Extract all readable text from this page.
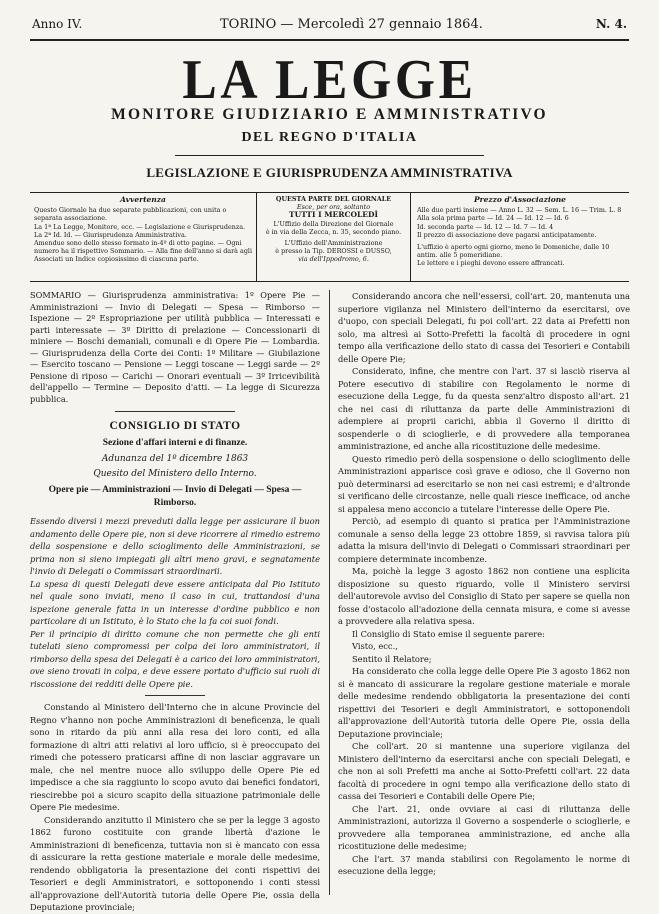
Anno IV.	TORINO — Mercoledì 27 gennaio 1864.	N. 4.
LA LEGGE
MONITORE GIUDIZIARIO E AMMINISTRATIVO
DEL REGNO D'ITALIA
LEGISLAZIONE E GIURISPRUDENZA AMMINISTRATIVA
Avvertenza
Questo Giornale ha due separate pubblicazioni, con unita o separata associazione.
La 1ª La Legge, Monitore, ecc. — Legislazione e Giurisprudenza.
La 2ª Id. Id. — Giurisprudenza Amministrativa.
Amendue sono dello stesso formato in-4º di otto pagine. — Ogni numero ha il rispettivo Sommario. — Alla fine dell'anno si darà agli Associati un Indice copiosissimo di ciascuna parte.
QUESTA PARTE DEL GIORNALE
Esce, per ora, soltanto
TUTTI I MERCOLEDÌ
L'Uffizio della Direzione del Giornale
è in via della Zecca, n. 35, secondo piano.
L'Uffizio dell'Amministrazione
è presso la Tip. DEROSSI e DUSSO,
via dell'Ippodromo, 6.
Prezzo d'Associazione
Alle due parti insieme — Anno L. 32 — Sem. L. 16 — Trim. L. 8
Alla sola prima parte — Id. 24 — Id. 12 — Id. 6
Id. seconda parte — Id. 12 — Id. 7 — Id. 4
Il prezzo di associazione deve pagarsi anticipatamente.
L'uffizio è aperto ogni giorno, meno le Domeniche, dalle 10 antim. alle 5 pomeridiane.
Le lettere e i pieghi devono essere affrancati.

SOMMARIO — Giurisprudenza amministrativa: 1º Opere Pie — Amministrazioni — Invio di Delegati — Spesa — Rimborso — Ispezione — 2º Espropriazione per utilità pubblica — Interessati e parti interessate — 3º Diritto di prelazione — Concessionarii di miniere — Boschi demaniali, comunali e di Opere Pie — Lombardia. — Giurisprudenza della Corte dei Conti: 1º Militare — Giubilazione — Esercito toscano — Pensione — Leggi toscane — Leggi sarde — 2º Pensione di riposo — Carichi — Onorari eventuali — 3º Irricevibilità dell'appello — Termine — Deposito d'atti. — La legge di Sicurezza pubblica.

CONSIGLIO DI STATO
Sezione d'affari interni e di finanze.
Adunanza del 1º dicembre 1863
Quesito del Ministero dello Interno.
Opere pie — Amministrazioni — Invio di Delegati — Spesa — Rimborso.

Essendo diversi i mezzi preveduti dalla legge per assicurare il buon andamento delle Opere pie, non si deve ricorrere al rimedio estremo della sospensione e dello scioglimento delle Amministrazioni, se prima non si sieno impiegati gli altri meno gravi, e segnatamente l'invio di Delegati o Commissari straordinarii.

La spesa di questi Delegati deve essere anticipata dal Pio Istituto nel quale sono inviati, meno il caso in cui, trattandosi d'una ispezione generale fatta in un interesse d'ordine pubblico e non particolare di un Istituto, è lo Stato che la fa coi suoi fondi.

Per il principio di diritto comune che non permette che gli enti tutelati sieno compromessi per colpa dei loro amministratori, il rimborso della spesa dei Delegati è a carico dei loro amministratori, ove sieno trovati in colpa, e deve essere portato d'ufficio sui ruoli di riscossione dei redditi delle Opere pie.

Constando al Ministero dell'Interno che in alcune Provincie del Regno v'hanno non poche Amministrazioni di beneficenza, le quali sono in ritardo da più anni alla resa dei loro conti, ed alla formazione di altri atti relativi al loro ufficio, si è preoccupato dei rimedi che potessero praticarsi affine di non lasciar aggravare un male, che nel mentre nuoce allo sviluppo delle Opere Pie ed impedisce a che sia raggiunto lo scopo avuto dai benefici fondatori, riescirebbe poi a sicuro scapito della situazione patrimoniale delle Opere Pie medesime.

Considerando anzitutto il Ministero che se per la legge 3 agosto 1862 furono costituite con grande libertà d'azione le Amministrazioni di beneficenza, tuttavia non si è mancato con essa di assicurare la retta gestione materiale e morale delle medesime, rendendo obbligatoria la presentazione dei conti rispettivi dei Tesorieri e degli Amministratori, e sottoponendo i conti stessi all'approvazione dell'Autorità tutoria delle Opere Pie, ossia della Deputazione provinciale;

Considerando ancora che nell'essersi, coll'art. 20, mantenuta una superiore vigilanza nel Ministero dell'interno da esercitarsi, ove d'uopo, con speciali Delegati, fu poi coll'art. 22 data ai Prefetti non solo, ma altresì ai Sotto-Prefetti la facoltà di procedere in ogni tempo alla verificazione dello stato di cassa dei Tesorieri e Contabili delle Opere Pie;

Considerato, infine, che mentre con l'art. 37 si lasciò riserva al Potere esecutivo di stabilire con Regolamento le norme di esecuzione della Legge, fu da questa senz'altro disposto all'art. 21 che nei casi di riluttanza da parte delle Amministrazioni di adempiere ai proprii carichi, abbia il Governo il diritto di sospenderle o di scioglierle, e di provvedere alla temporanea amministrazione, ed anche alla ricostituzione delle medesime.

Questo rimedio però della sospensione o dello scioglimento delle Amministrazioni apparisce così grave e odioso, che il Governo non può determinarsi ad esercitarlo se non nei casi estremi; e d'altronde si verificano delle circostanze, nelle quali riesce inefficace, od anche si appalesa meno acconcio a tutelare l'interesse delle Opere Pie.

Perciò, ad esempio di quanto si pratica per l'Amministrazione comunale a senso della legge 23 ottobre 1859, si ravvisa talora più adatta la misura dell'invio di Delegati o Commissari straordinari per compiere determinate incombenze.

Ma, poichè la legge 3 agosto 1862 non contiene una esplicita disposizione su questo riguardo, volle il Ministero servirsi dell'autorevole avviso del Consiglio di Stato per sapere se quella non fosse d'ostacolo all'adozione della cennata misura, e come si avesse a provvedere alla relativa spesa.

Il Consiglio di Stato emise il seguente parere:

Visto, ecc.,

Sentito il Relatore;

Ha considerato che colla legge delle Opere Pie 3 agosto 1862 non si è mancato di assicurare la regolare gestione materiale e morale delle medesime rendendo obbligatoria la presentazione dei conti rispettivi dei Tesorieri e degli Amministratori, e sottoponendoli all'approvazione dell'Autorità tutoria delle Opere Pie, ossia della Deputazione provinciale;

Che coll'art. 20 si mantenne una superiore vigilanza del Ministero dell'interno da esercitarsi anche con speciali Delegati, e che non ai soli Prefetti ma anche ai Sotto-Prefetti coll'art. 22 data facoltà di procedere in ogni tempo alla verificazione dello stato di cassa dei Tesorieri e Contabili delle Opere Pie;

Che l'art. 21, onde ovviare ai casi di riluttanza delle Amministrazioni, autorizza il Governo a sospenderle o scioglierle, e provvedere alla temporanea amministrazione, ed anche alla ricostituzione delle medesime;

Che l'art. 37 manda stabilirsi con Regolamento le norme di esecuzione della legge;
